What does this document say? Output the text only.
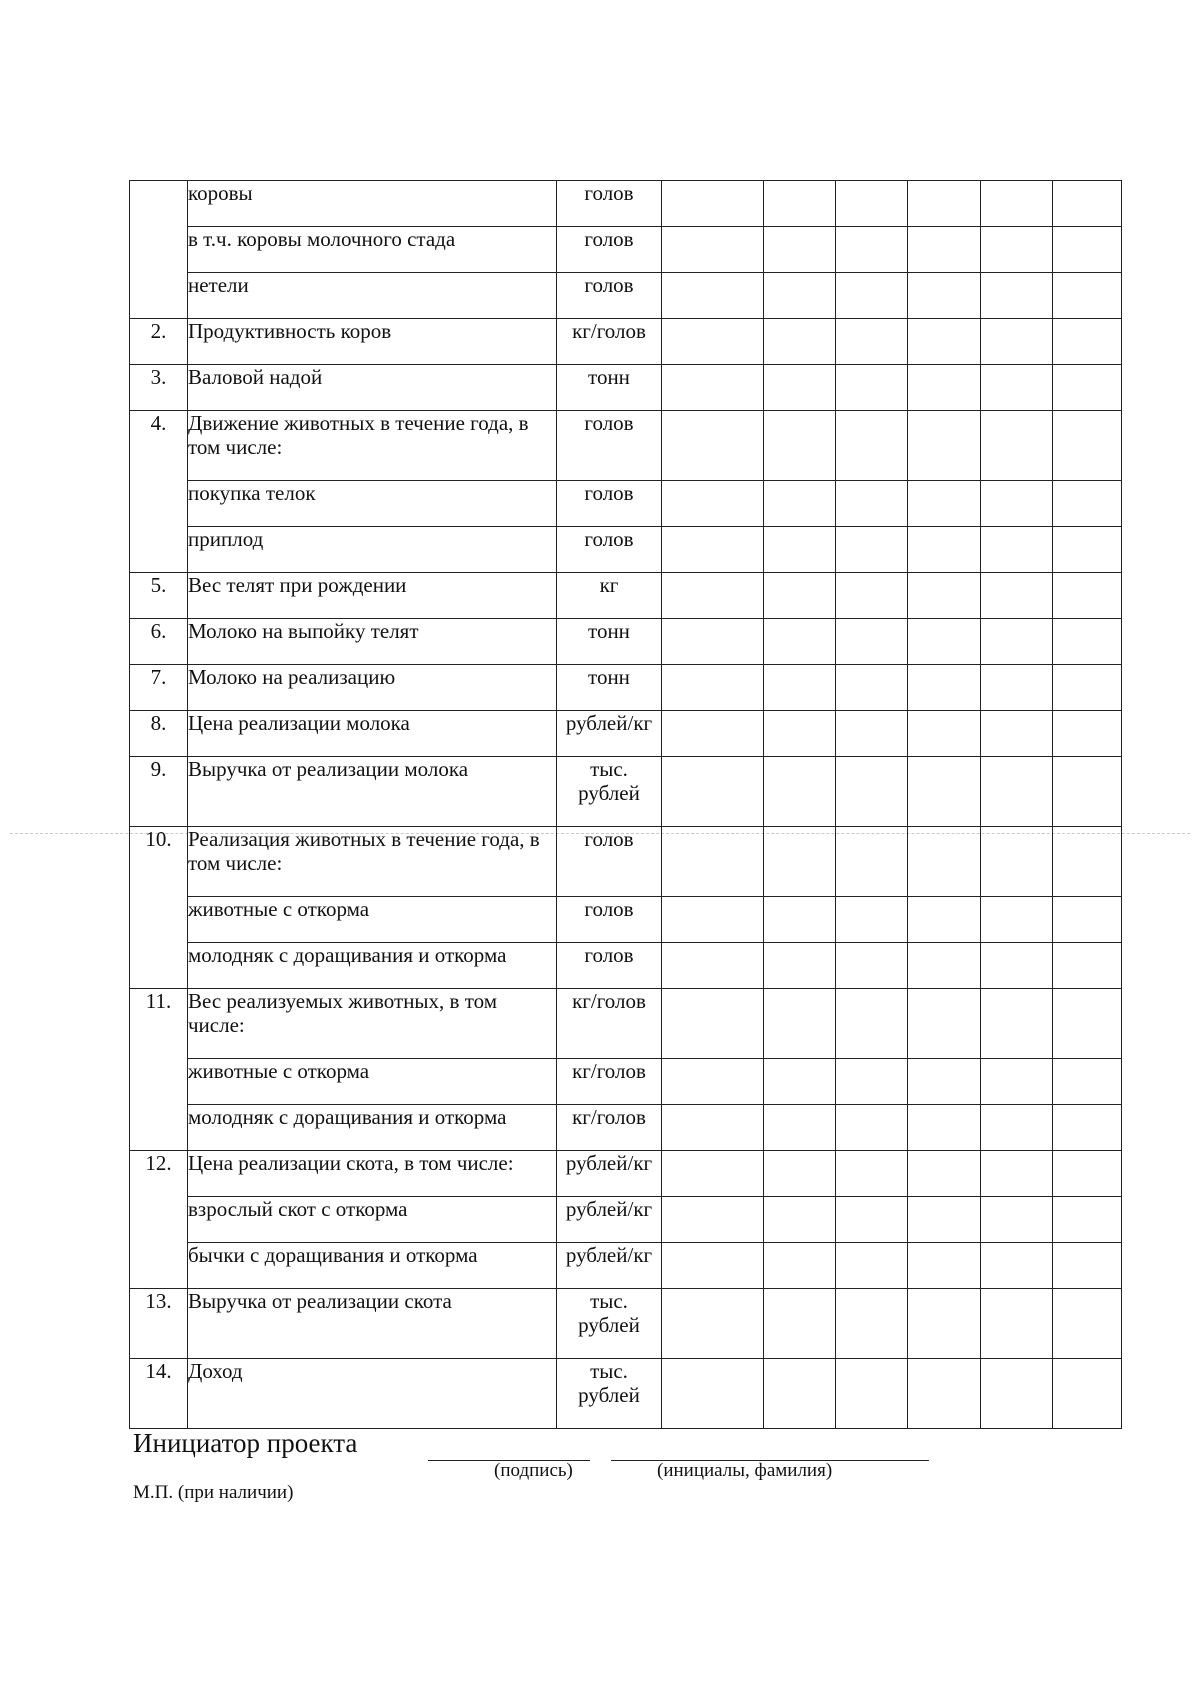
	коровы	голов						
	в т.ч. коровы молочного стада	голов						
	нетели	голов						
2.	Продуктивность коров	кг/голов						
3.	Валовой надой	тонн						
4.	Движение животных в течение года, в том числе:	голов						
	покупка телок	голов						
	приплод	голов						
5.	Вес телят при рождении	кг						
6.	Молоко на выпойку телят	тонн						
7.	Молоко на реализацию	тонн						
8.	Цена реализации молока	рублей/кг						
9.	Выручка от реализации молока	тыс. рублей						
10.	Реализация животных в течение года, в том числе:	голов						
	животные с откорма	голов						
	молодняк с доращивания и откорма	голов						
11.	Вес реализуемых животных, в том числе:	кг/голов						
	животные с откорма	кг/голов						
	молодняк с доращивания и откорма	кг/голов						
12.	Цена реализации скота, в том числе:	рублей/кг						
	взрослый скот с откорма	рублей/кг						
	бычки с доращивания и откорма	рублей/кг						
13.	Выручка от реализации скота	тыс. рублей						
14.	Доход	тыс. рублей						
Инициатор проекта
(подпись)	(инициалы, фамилия)
М.П. (при наличии)
